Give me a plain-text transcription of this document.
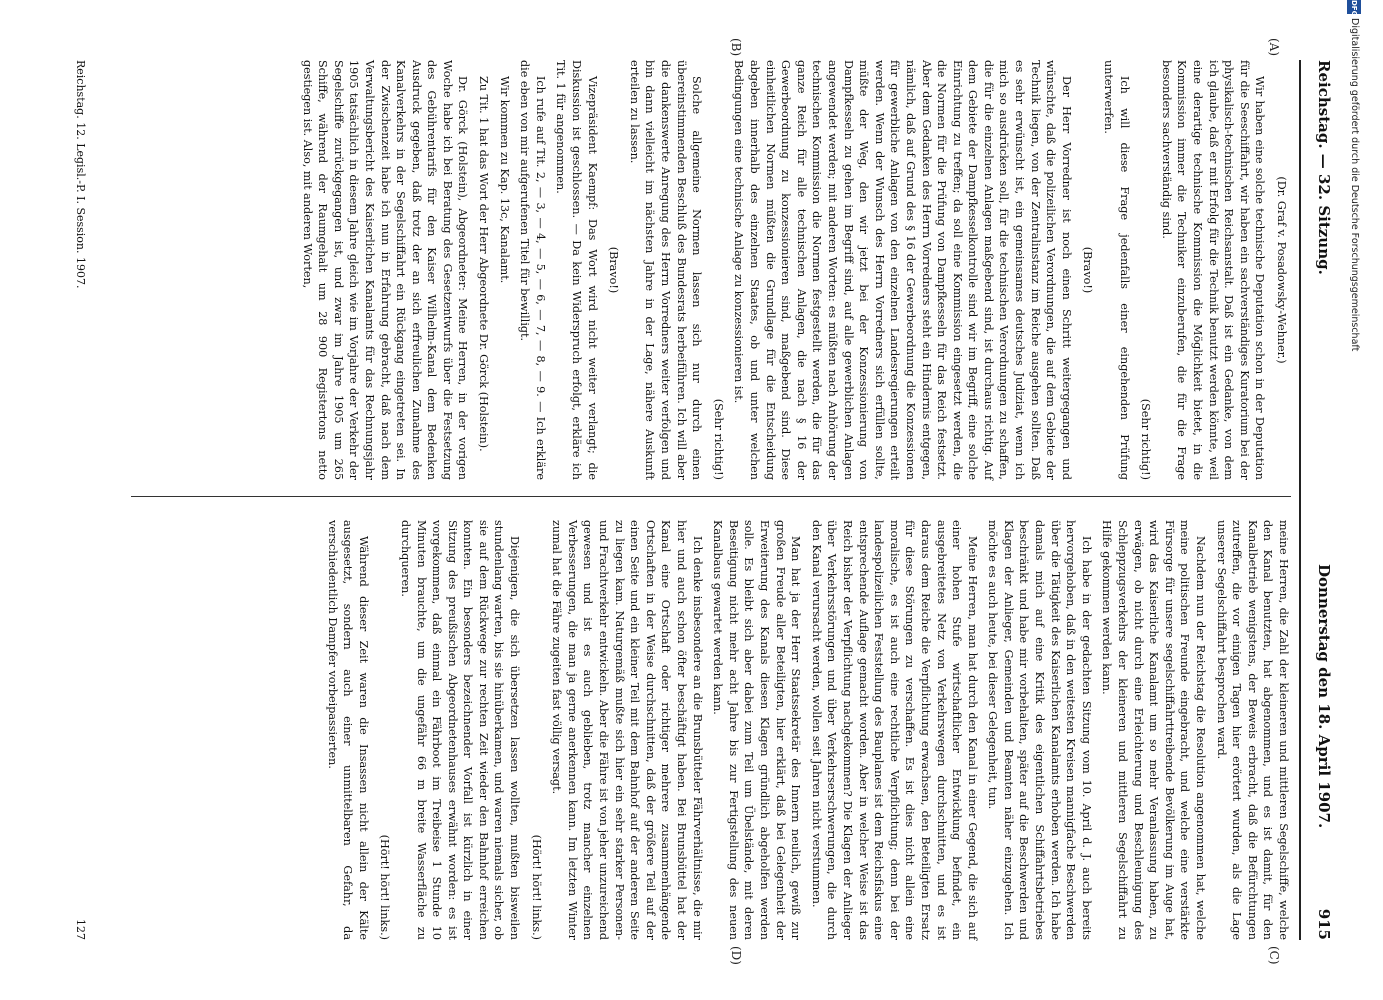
Reichstag. — 32. Sitzung.
Donnerstag den 18. April 1907.  915
(A)
(B)
(C)
(D)
(Dr. Graf v. Posadowsky-Wehner.)

Wir haben eine solche technische Deputation schon in der Deputation für die Seeschiffahrt, wir haben ein sachverständiges Kuratorium bei der physikalisch-technischen Reichsanstalt. Daß ist ein Gedanke, von dem ich glaube, daß er mit Erfolg für die Technik benutzt werden könnte, weil eine derartige technische Kommission die Möglichkeit bietet, in die Kommission immer die Techniker einzuberufen, die für die Frage besonders sachverständig sind.

(Sehr richtig!)

Ich will diese Frage jedenfalls einer eingehenden Prüfung unterwerfen.

(Bravo!)

Der Herr Vorredner ist noch einen Schritt weitergegangen und wünschte, daß die polizeilichen Verordnungen, die auf dem Gebiete der Technik liegen, von der Zentralinstanz im Reiche ausgehen sollten. Daß es sehr erwünscht ist, ein gemeinsames deutsches Judiziat, wenn ich mich so ausdrücken soll, für die technischen Verordnungen zu schaffen, die für die einzelnen Anlagen maßgebend sind, ist durchaus richtig. Auf dem Gebiete der Dampfkesselkontrolle sind wir im Begriff, eine solche Einrichtung zu treffen; da soll eine Kommission eingesetzt werden, die die Normen für die Prüfung von Dampfkesseln für das Reich festsetzt. Aber dem Gedanken des Herrn Vorredners steht ein Hindernis entgegen, nämlich, daß auf Grund des § 16 der Gewerbeordnung die Konzessionen für gewerbliche Anlagen von den einzelnen Landesregierungen erteilt werden. Wenn der Wunsch des Herrn Vorredners sich erfüllen sollte, müßte der Weg, den wir jetzt bei der Konzessionierung von Dampfkesseln zu gehen im Begriff sind, auf alle gewerblichen Anlagen angewendet werden; mit anderen Worten: es müßten nach Anhörung der technischen Kommission die Normen festgestellt werden, die für das ganze Reich für alle technischen Anlagen, die nach § 16 der Gewerbeordnung zu konzessionieren sind, maßgebend sind. Diese einheitlichen Normen müßten die Grundlage für die Entscheidung abgeben innerhalb des einzelnen Staates, ob und unter welchen Bedingungen eine technische Anlage zu konzessionieren ist.

(Sehr richtig!)

Solche allgemeine Normen lassen sich nur durch einen übereinstimmenden Beschluß des Bundesrats herbeiführen. Ich will aber die dankenswerte Anregung des Herrn Vorredners weiter verfolgen und bin dann vielleicht im nächsten Jahre in der Lage, nähere Auskunft erteilen zu lassen.

(Bravo!)

Vizepräsident Kaempf: Das Wort wird nicht weiter verlangt; die Diskussion ist geschlossen. — Da kein Widerspruch erfolgt, erkläre ich Tit. 1 für angenommen.

Ich rufe auf Tit. 2, — 3, — 4, — 5, — 6, — 7, — 8, — 9. — Ich erkläre die eben von mir aufgerufenen Titel für bewilligt.

Wir kommen zu Kap. 13c, Kanalamt.

Zu Tit. 1 hat das Wort der Herr Abgeordnete Dr. Görck (Holstein).

Dr. Görck (Holstein), Abgeordneter: Meine Herren, in der vorigen Woche habe ich bei Beratung des Gesetzentwurfs über die Festsetzung des Gebührentarifs für den Kaiser Wilhelm-Kanal dem Bedenken Ausdruck gegeben, daß trotz der an sich erfreulichen Zunahme des Kanalverkehrs in der Segelschiffahrt ein Rückgang eingetreten sei. In der Zwischenzeit habe ich nun in Erfahrung gebracht, daß nach dem Verwaltungsbericht des Kaiserlichen Kanalamts für das Rechnungsjahr 1905 tatsächlich in diesem Jahre gleich wie im Vorjahre der Verkehr der Segelschiffe zurückgegangen ist, und zwar im Jahre 1905 um 265 Schiffe, während der Raumgehalt um 28 900 Registertons netto gestiegen ist. Also, mit anderen Worten,

meine Herren, die Zahl der kleineren und mittleren Segelschiffe, welche den Kanal benutzten, hat abgenommen, und es ist damit, für den Kanalbetrieb wenigstens, der Beweis erbracht, daß die Befürchtungen zutreffen, die vor einigen Tagen hier erörtert wurden, als die Lage unserer Segelschiffahrt besprochen ward.

Nachdem nun der Reichstag die Resolution angenommen hat, welche meine politischen Freunde eingebracht, und welche eine verstärkte Fürsorge für unsere segelschiffahrttreibende Bevölkerung im Auge hat, wird das Kaiserliche Kanalamt um so mehr Veranlassung haben, zu erwägen, ob nicht durch eine Erleichterung und Beschleunigung des Schleppzugsverkehrs der kleineren und mittleren Segelschiffahrt zu Hilfe gekommen werden kann.

Ich habe in der gedachten Sitzung vom 10. April d. J. auch bereits hervorgehoben, daß in den weitesten Kreisen mannigfache Beschwerden über die Tätigkeit des Kaiserlichen Kanalamts erhoben werden. Ich habe damals mich auf eine Kritik des eigentlichen Schiffahrtsbetriebes beschränkt und habe mir vorbehalten, später auf die Beschwerden und Klagen der Anlieger, Gemeinden und Beamten näher einzugehen. Ich möchte es auch heute, bei dieser Gelegenheit, tun.

Meine Herren, man hat durch den Kanal in einer Gegend, die sich auf einer hohen Stufe wirtschaftlicher Entwicklung befindet, ein ausgebreitetes Netz von Verkehrswegen durchschnitten, und es ist daraus dem Reiche die Verpflichtung erwachsen, den Beteiligten Ersatz für diese Störungen zu verschaffen. Es ist dies nicht allein eine moralische, es ist auch eine rechtliche Verpflichtung; denn bei der landespolizeilichen Feststellung des Bauplanes ist dem Reichsfiskus eine entsprechende Auflage gemacht worden. Aber in welcher Weise ist das Reich bisher der Verpflichtung nachgekommen? Die Klagen der Anlieger über Verkehrsstörungen und über Verkehrserschwerungen, die durch den Kanal verursacht werden, wollen seit Jahren nicht verstummen.

Man hat ja der Herr Staatssekretär des Innern neulich, gewiß zur großen Freude aller Beteiligten, hier erklärt, daß bei Gelegenheit der Erweiterung des Kanals diesen Klagen gründlich abgeholfen werden solle. Es bleibt sich aber dabei zum Teil um Übelstände, mit deren Beseitigung nicht mehr acht Jahre bis zur Fertigstellung des neuen Kanalbaus gewartet werden kann.

Ich denke insbesondere an die Brunsbütteler Fährverhältnisse, die mir hier und auch schon öfter beschäftigt haben. Bei Brunsbüttel hat der Kanal eine Ortschaft oder richtiger mehrere zusammenhängende Ortschaften in der Weise durchschnitten, daß der größere Teil auf der einen Seite und ein kleiner Teil mit dem Bahnhof auf der anderen Seite zu liegen kam. Naturgemäß mußte sich hier ein sehr starker Personen- und Frachtverkehr entwickeln. Aber die Fähre ist von jeher unzureichend gewesen und ist es auch geblieben, trotz mancher einzelnen Verbesserungen, die man ja gerne anerkennen kann. Im letzten Winter zumal hat die Fähre zugeiten fast völlig versagt.

(Hört! hört! links.)

Diejenigen, die sich übersetzen lassen wollten, mußten bisweilen stundenlang warten, bis sie hinüberkamen, und waren niemals sicher, ob sie auf dem Rückwege zur rechten Zeit wieder den Bahnhof erreichen konnten. Ein besonders bezeichnender Vorfall ist kürzlich in einer Sitzung des preußischen Abgeordnetenhauses erwähnt worden: es ist vorgekommen, daß einmal ein Fährboot im Treibeise 1 Stunde 10 Minuten brauchte, um die ungefähr 66 m breite Wasserfläche zu durchqueren.

(Hört! hört! links.)

Während dieser Zeit waren die Insassen nicht allein der Kälte ausgesetzt, sondern auch einer unmittelbaren Gefahr, da verschiedentlich Dampfer vorbeipassierten.

Reichstag. 12. Legisl.-P. I. Session. 1907.
127
DFG
Digitalisierung gefördert durch die Deutsche Forschungsgemeinschaft
